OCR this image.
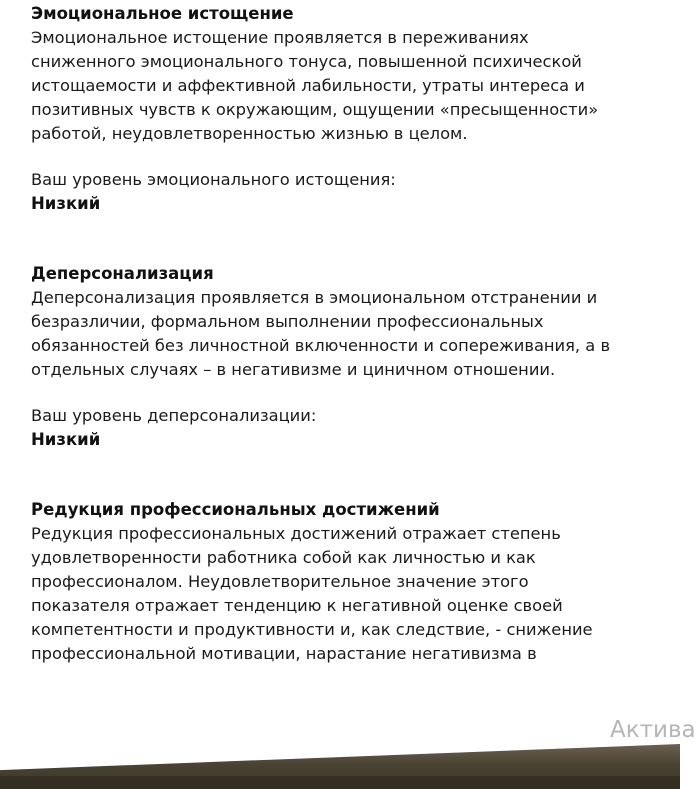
Эмоциональное истощение

Эмоциональное истощение проявляется в переживаниях
сниженного эмоционального тонуса, повышенной психической
истощаемости и аффективной лабильности, утраты интереса и
позитивных чувств к окружающим, ощущении «пресыщенности»
работой, неудовлетворенностью жизнью в целом.

Ваш уровень эмоционального истощения:

Низкий

Деперсонализация

Деперсонализация проявляется в эмоциональном отстранении и
безразличии, формальном выполнении профессиональных
обязанностей без личностной включенности и сопереживания, а в
отдельных случаях – в негативизме и циничном отношении.

Ваш уровень деперсонализации:

Низкий

Редукция профессиональных достижений

Редукция профессиональных достижений отражает степень
удовлетворенности работника собой как личностью и как
профессионалом. Неудовлетворительное значение этого
показателя отражает тенденцию к негативной оценке своей
компетентности и продуктивности и, как следствие, - снижение
профессиональной мотивации, нарастание негативизма в

Актива
